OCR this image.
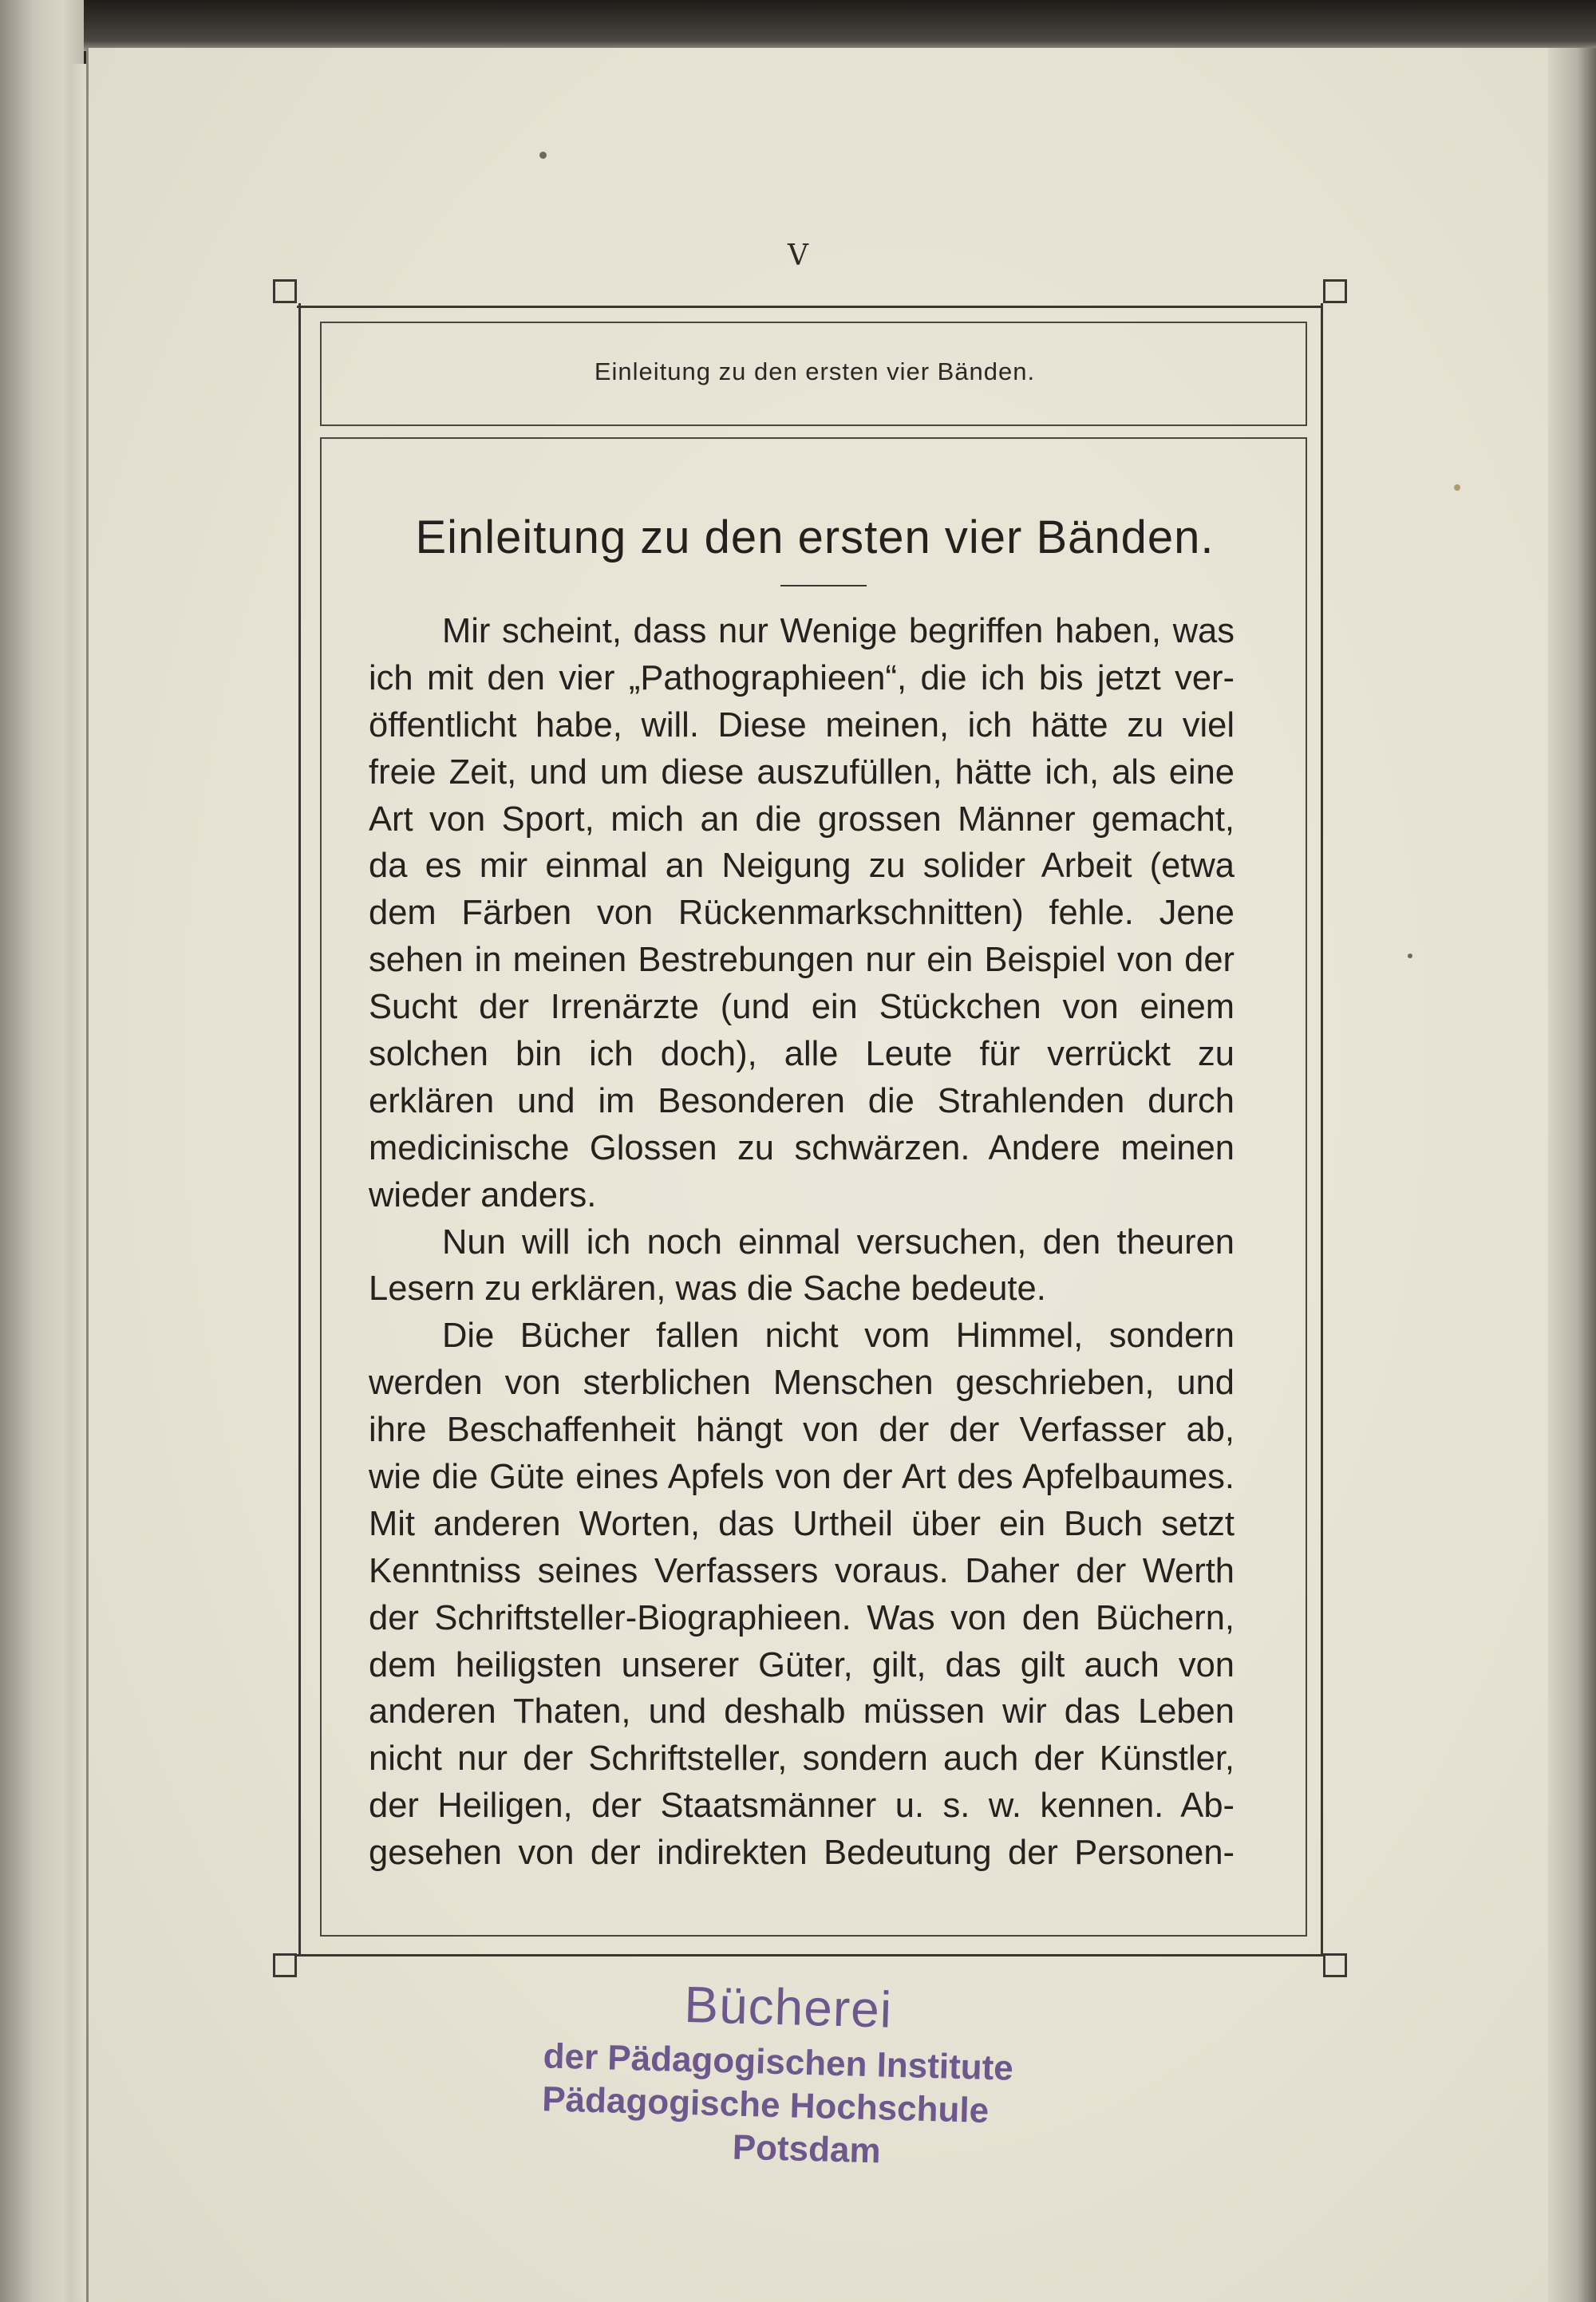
V
Einleitung zu den ersten vier Bänden.
Einleitung zu den ersten vier Bänden.
Mir scheint, dass nur Wenige begriffen haben, was
ich mit den vier „Pathographieen“, die ich bis jetzt ver-
öffentlicht habe, will. Diese meinen, ich hätte zu viel
freie Zeit, und um diese auszufüllen, hätte ich, als eine
Art von Sport, mich an die grossen Männer gemacht,
da es mir einmal an Neigung zu solider Arbeit (etwa
dem Färben von Rückenmarkschnitten) fehle. Jene
sehen in meinen Bestrebungen nur ein Beispiel von der
Sucht der Irrenärzte (und ein Stückchen von einem
solchen bin ich doch), alle Leute für verrückt zu
erklären und im Besonderen die Strahlenden durch
medicinische Glossen zu schwärzen. Andere meinen
wieder anders.
Nun will ich noch einmal versuchen, den theuren
Lesern zu erklären, was die Sache bedeute.
Die Bücher fallen nicht vom Himmel, sondern
werden von sterblichen Menschen geschrieben, und
ihre Beschaffenheit hängt von der der Verfasser ab,
wie die Güte eines Apfels von der Art des Apfelbaumes.
Mit anderen Worten, das Urtheil über ein Buch setzt
Kenntniss seines Verfassers voraus. Daher der Werth
der Schriftsteller-Biographieen. Was von den Büchern,
dem heiligsten unserer Güter, gilt, das gilt auch von
anderen Thaten, und deshalb müssen wir das Leben
nicht nur der Schriftsteller, sondern auch der Künstler,
der Heiligen, der Staatsmänner u. s. w. kennen. Ab-
gesehen von der indirekten Bedeutung der Personen-
Bücherei
der Pädagogischen Institute
Pädagogische Hochschule
Potsdam
